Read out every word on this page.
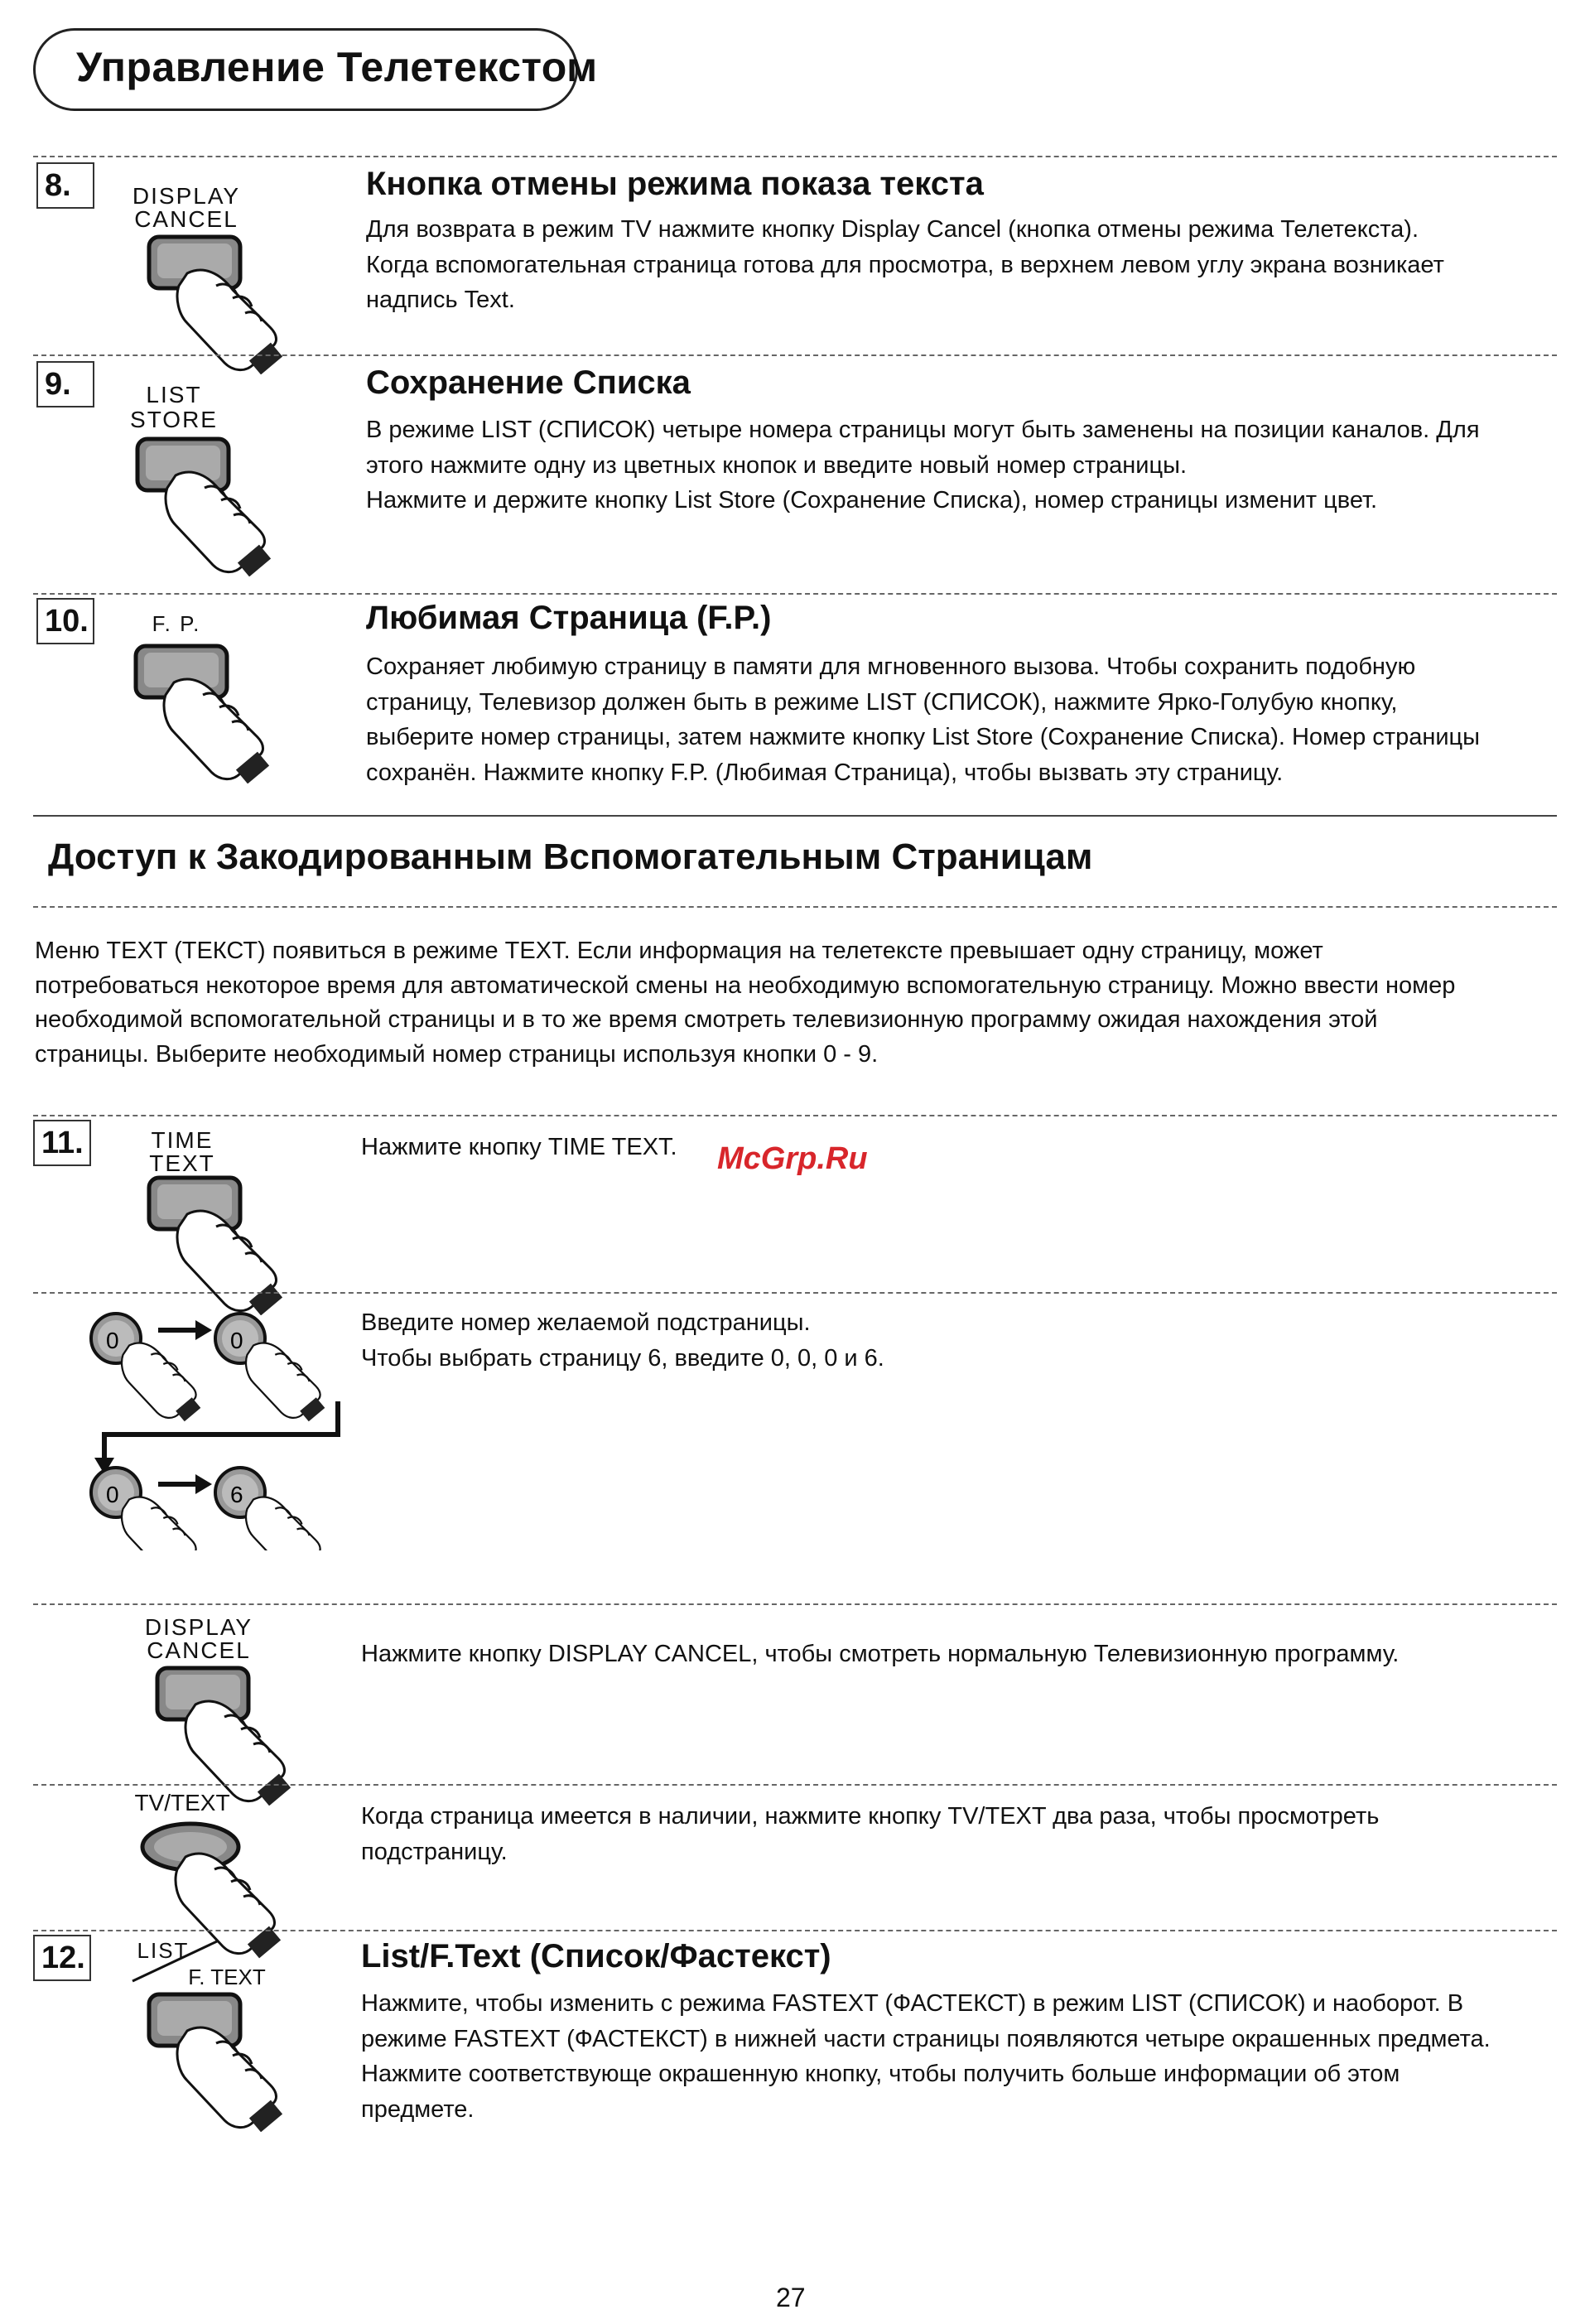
Управление Телетекстом
8.	DISPLAY
CANCEL
Кнопка отмены режима показа текста
Для возврата в режим TV нажмите кнопку Display Cancel (кнопка отмены режима Телетекста).
Когда вспомогательная страница готова для просмотра, в верхнем левом углу экрана возникает
надпись Text.
9.	LIST
STORE
Сохранение Списка
В режиме LIST (СПИСОК) четыре номера страницы могут быть заменены на позиции каналов. Для
этого нажмите одну из цветных кнопок и введите новый номер страницы.
Нажмите и держите кнопку List Store (Сохранение Списка), номер страницы изменит цвет.
10.	F. P.	Любимая Страница (F.P.)
Сохраняет любимую страницу в памяти для мгновенного вызова. Чтобы сохранить подобную
страницу, Телевизор должен быть в режиме LIST (СПИСОК), нажмите Ярко-Голубую кнопку,
выберите номер страницы, затем нажмите кнопку List Store (Сохранение Списка). Номер страницы
сохранён. Нажмите кнопку F.P. (Любимая Страница), чтобы вызвать эту страницу.
Доступ к Закодированным Вспомогательным Страницам
Меню TEXT (ТЕКСТ) появиться в режиме TEXT. Если информация на телетексте превышает одну страницу, может
потребоваться некоторое время для автоматической смены на необходимую вспомогательную страницу. Можно ввести номер
необходимой вспомогательной страницы и в то же время смотреть телевизионную программу ожидая нахождения этой
страницы. Выберите необходимый номер страницы используя кнопки 0 - 9.
11.	TIME
TEXT
Нажмите кнопку TIME TEXT.	McGrp.Ru
0	0
0	6
Введите номер желаемой подстраницы.
Чтобы выбрать страницу 6, введите 0, 0, 0 и 6.
DISPLAY
CANCEL	Нажмите кнопку DISPLAY CANCEL, чтобы смотреть нормальную Телевизионную программу.
TV/TEXT
Когда страница имеется в наличии, нажмите кнопку TV/TEXT два раза, чтобы просмотреть
подстраницу.
12.	LIST
F. TEXT
List/F.Text (Список/Фастекст)
Нажмите, чтобы изменить с режима FASTEXT (ФАСТЕКСТ) в режим LIST (СПИСОК) и наоборот. В
режиме FASTEXT (ФАСТЕКСТ) в нижней части страницы появляются четыре окрашенных предмета.
Нажмите соответствующе окрашенную кнопку, чтобы получить больше информации об этом
предмете.
27
